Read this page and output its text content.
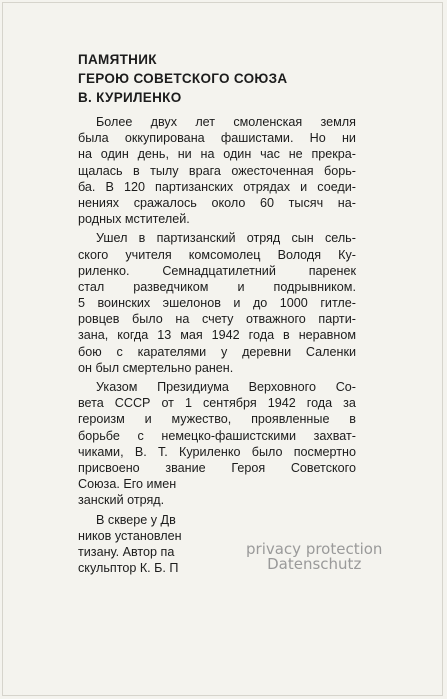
ПАМЯТНИК
ГЕРОЮ СОВЕТСКОГО СОЮЗА
В. КУРИЛЕНКО
Более двух лет смоленская земля
была оккупирована фашистами. Но ни
на один день, ни на один час не прекра-
щалась в тылу врага ожесточенная борь-
ба. В 120 партизанских отрядах и соеди-
нениях сражалось около 60 тысяч на-
родных мстителей.
Ушел в партизанский отряд сын сель-
ского учителя комсомолец Володя Ку-
риленко.	Семнадцатилетний	паренек
стал разведчиком и подрывником.
5 воинских эшелонов и до 1000 гитле-
ровцев было на счету отважного парти-
зана, когда 13 мая 1942 года в неравном
бою с карателями у деревни Саленки
он был смертельно ранен.
Указом Президиума Верховного Со-
вета СССР от 1 сентября 1942 года за
героизм и мужество, проявленные в
борьбе с немецко-фашистскими захват-
чиками, В. Т. Куриленко было посмертно
присвоено звание Героя Советского
Союза. Его имен
занский отряд.
В сквере у Дв
ников установлен
тизану. Автор па
скульптор К. Б. П
privacy protection
Datenschutz
